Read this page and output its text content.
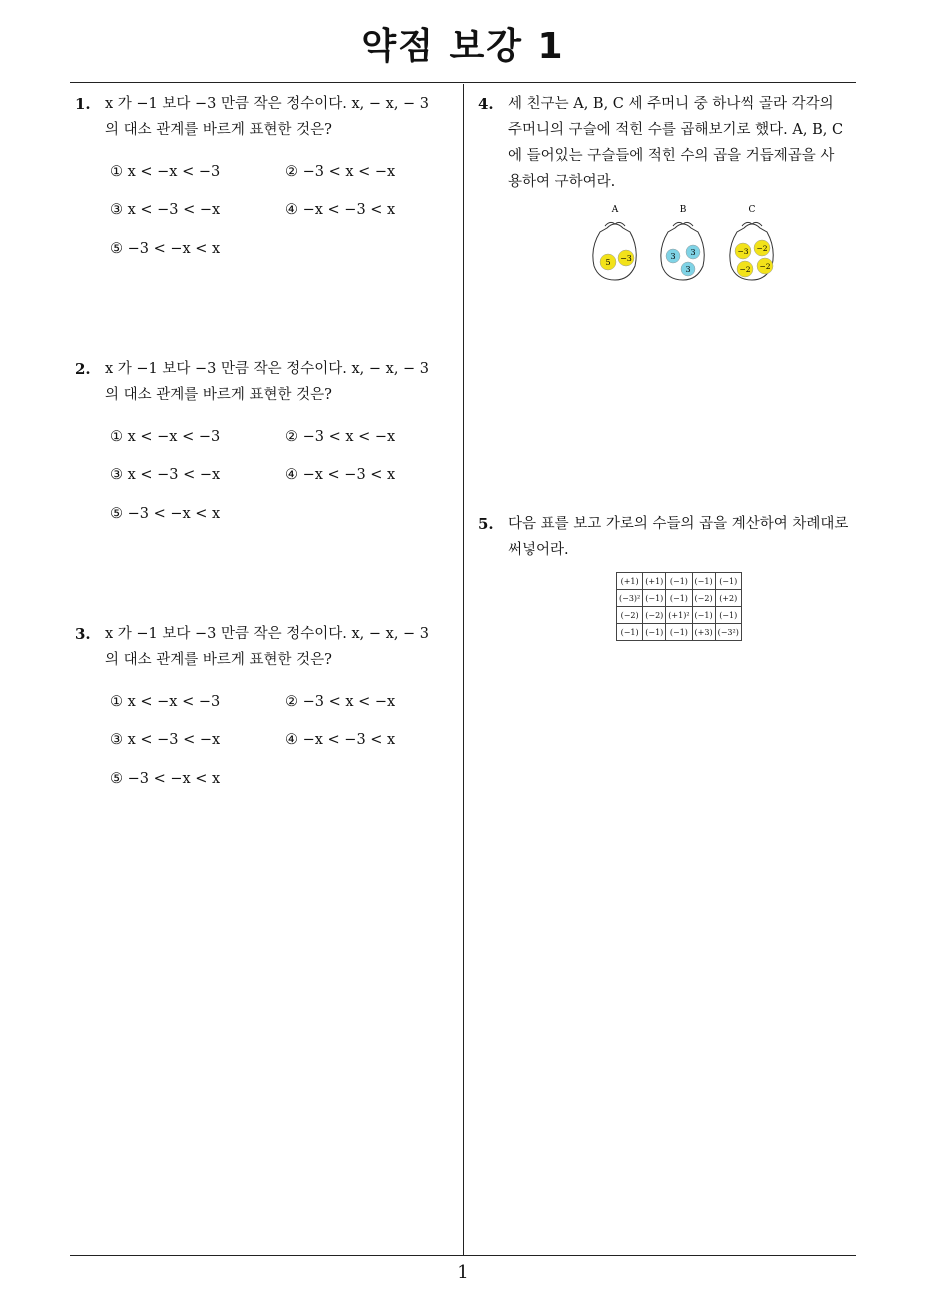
약점 보강 1
1. x 가 −1 보다 −3 만큼 작은 정수이다. x, − x, − 3

의 대소 관계를 바르게 표현한 것은?

① x < −x < −3	② −3 < x < −x
③ x < −3 < −x	④ −x < −3 < x
⑤ −3 < −x < x
2. x 가 −1 보다 −3 만큼 작은 정수이다. x, − x, − 3

의 대소 관계를 바르게 표현한 것은?

① x < −x < −3	② −3 < x < −x
③ x < −3 < −x	④ −x < −3 < x
⑤ −3 < −x < x
3. x 가 −1 보다 −3 만큼 작은 정수이다. x, − x, − 3

의 대소 관계를 바르게 표현한 것은?

① x < −x < −3	② −3 < x < −x
③ x < −3 < −x	④ −x < −3 < x
⑤ −3 < −x < x
4. 세 친구는 A, B, C 세 주머니 중 하나씩 골라 각각의

주머니의 구슬에 적힌 수를 곱해보기로 했다. A, B, C

에 들어있는 구슬들에 적힌 수의 곱을 거듭제곱을 사

용하여 구하여라.

A
5 −3
B
3 3
3
C
−3 −2
−2 −2
5. 다음 표를 보고 가로의 수들의 곱을 계산하여 차례대로

써넣어라.

(+1)	(+1)	(−1)	(−1)	(−1)
(−3)²	(−1)	(−1)	(−2)	(+2)
(−2)	(−2)	(+1)²	(−1)	(−1)
(−1)	(−1)	(−1)	(+3)	(−3²)
1
